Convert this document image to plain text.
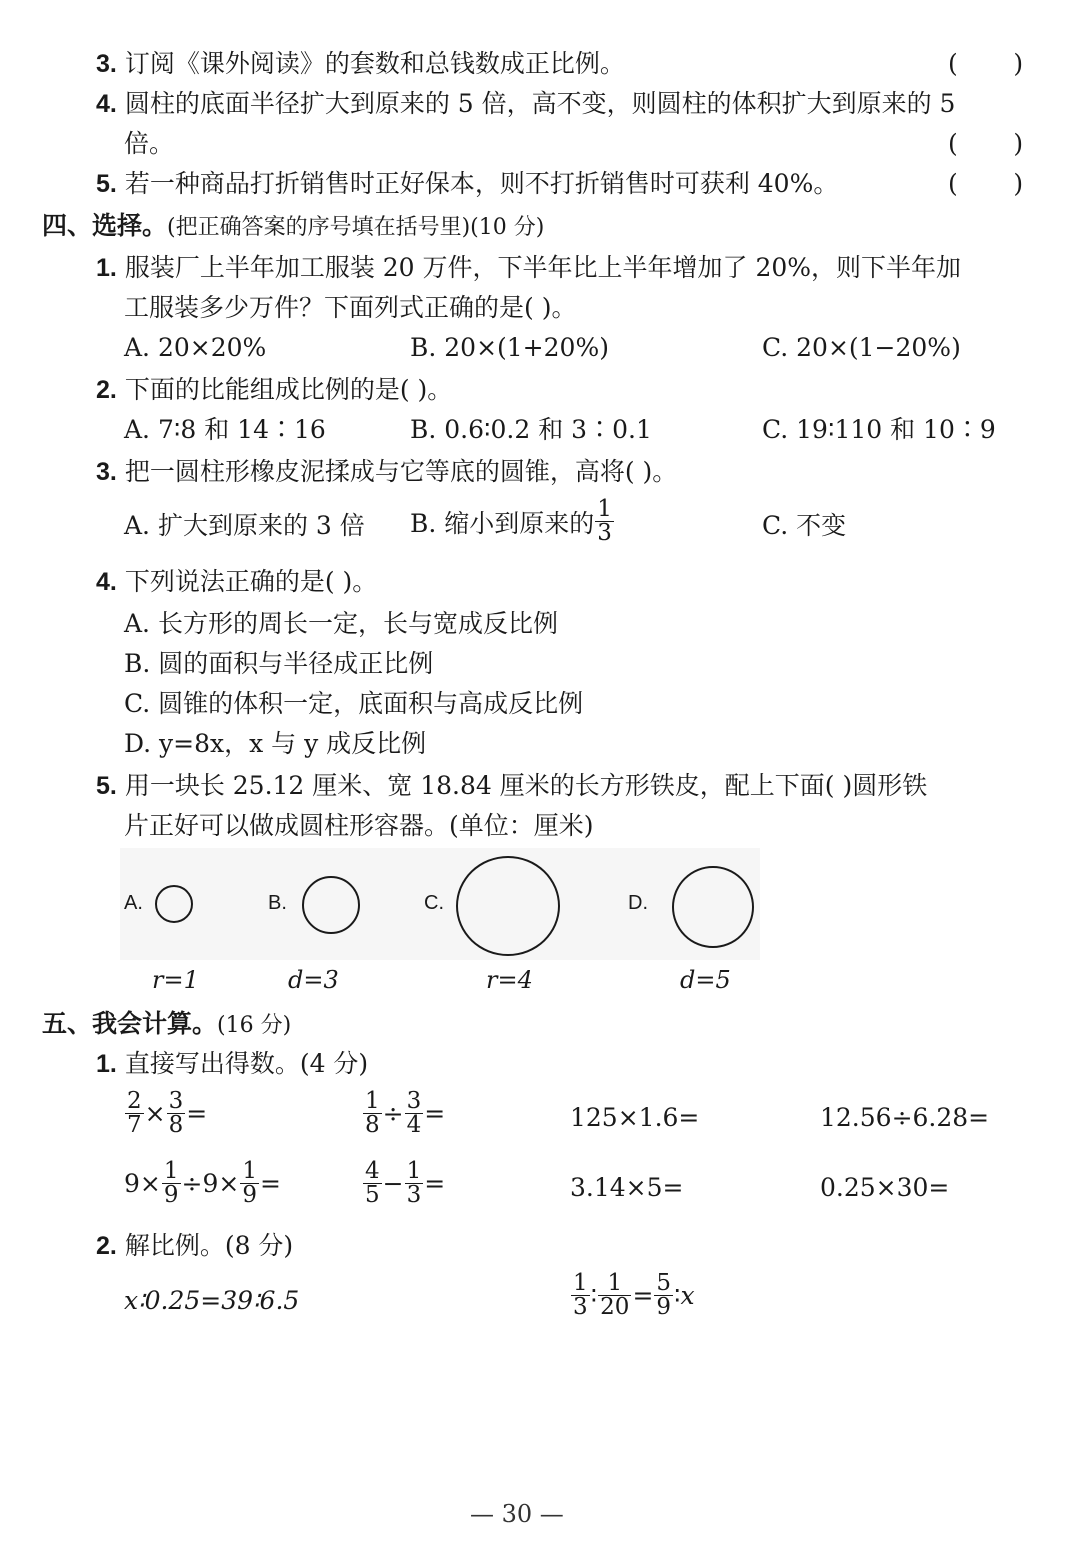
3. 订阅《课外阅读》的套数和总钱数成正比例。	(       )
4. 圆柱的底面半径扩大到原来的 5 倍，高不变，则圆柱的体积扩大到原来的 5
倍。	(       )
5. 若一种商品打折销售时正好保本，则不打折销售时可获利 40%。	(       )
四、选择。(把正确答案的序号填在括号里)(10 分)
1. 服装厂上半年加工服装 20 万件，下半年比上半年增加了 20%，则下半年加
工服装多少万件？下面列式正确的是( )。
A. 20×20%	B. 20×(1+20%)	C. 20×(1−20%)
2. 下面的比能组成比例的是( )。
A. 7∶8 和 14∶16	B. 0.6∶0.2 和 3∶0.1	C. 19∶110 和 10∶9
3. 把一圆柱形橡皮泥揉成与它等底的圆锥，高将( )。
A. 扩大到原来的 3 倍 B. 缩小到原来的 $\frac{1}{3}$	C. 不变
4. 下列说法正确的是( )。
A. 长方形的周长一定，长与宽成反比例
B. 圆的面积与半径成正比例
C. 圆锥的体积一定，底面积与高成反比例
D. y=8x，x 与 y 成反比例
5. 用一块长 25.12 厘米、宽 18.84 厘米的长方形铁皮，配上下面( )圆形铁
片正好可以做成圆柱形容器。(单位：厘米)
A.	B.	C.	D.
r=1	d=3	r=4	d=5
五、我会计算。(16 分)
1. 直接写出得数。(4 分)
$\frac{2}{7} \times \frac{3}{8}$ =	$\frac{1}{8} \div \frac{3}{4}$ =	125×1.6=	12.56÷6.28=
$9\times \frac{1}{9} \div 9\times \frac{1}{9}$ =	$\frac{4}{5} - \frac{1}{3}$ =	3.14×5=	0.25×30=
2. 解比例。(8 分)
x∶0.25=39∶6.5	$\frac{1}{3}$ ∶ $\frac{1}{20} = \frac{5}{9}$ ∶ x
— 30 —
